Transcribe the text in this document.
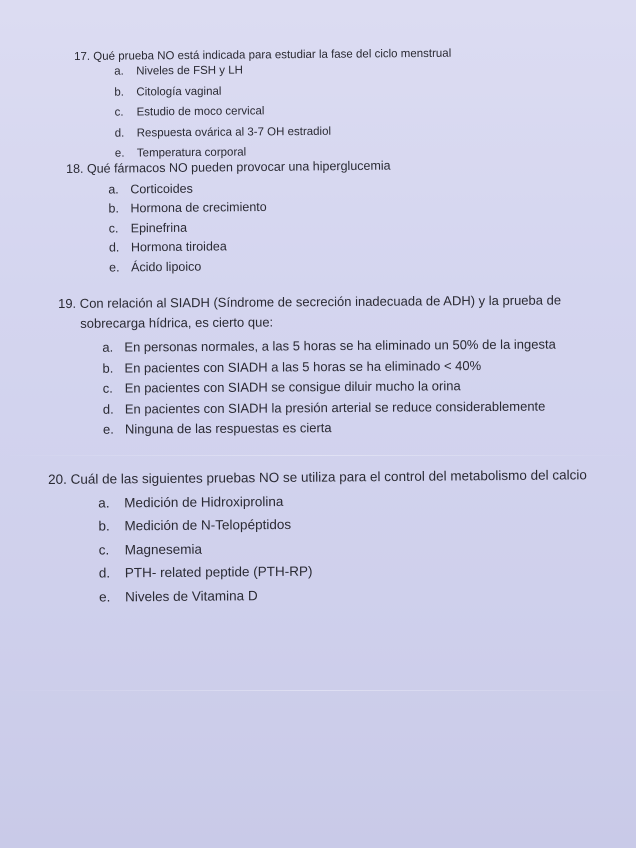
17. Qué prueba NO está indicada para estudiar la fase del ciclo menstrual

a.	Niveles de FSH y LH
b.	Citología vaginal
c.	Estudio de moco cervical
d.	Respuesta ovárica al 3-7 OH estradiol
e.	Temperatura corporal

18. Qué fármacos NO pueden provocar una hiperglucemia

a. Corticoides
b. Hormona de crecimiento
c. Epinefrina
d. Hormona tiroidea
e. Ácido lipoico

19. Con relación al SIADH (Síndrome de secreción inadecuada de ADH) y la prueba de
sobrecarga hídrica, es cierto que:

a. En personas normales, a las 5 horas se ha eliminado un 50% de la ingesta
b. En pacientes con SIADH a las 5 horas se ha eliminado < 40%
c. En pacientes con SIADH se consigue diluir mucho la orina
d. En pacientes con SIADH la presión arterial se reduce considerablemente
e. Ninguna de las respuestas es cierta

20. Cuál de las siguientes pruebas NO se utiliza para el control del metabolismo del calcio

a.	Medición de Hidroxiprolina
b.	Medición de N-Telopéptidos
c.	Magnesemia
d.	PTH- related peptide (PTH-RP)
e.	Niveles de Vitamina D
